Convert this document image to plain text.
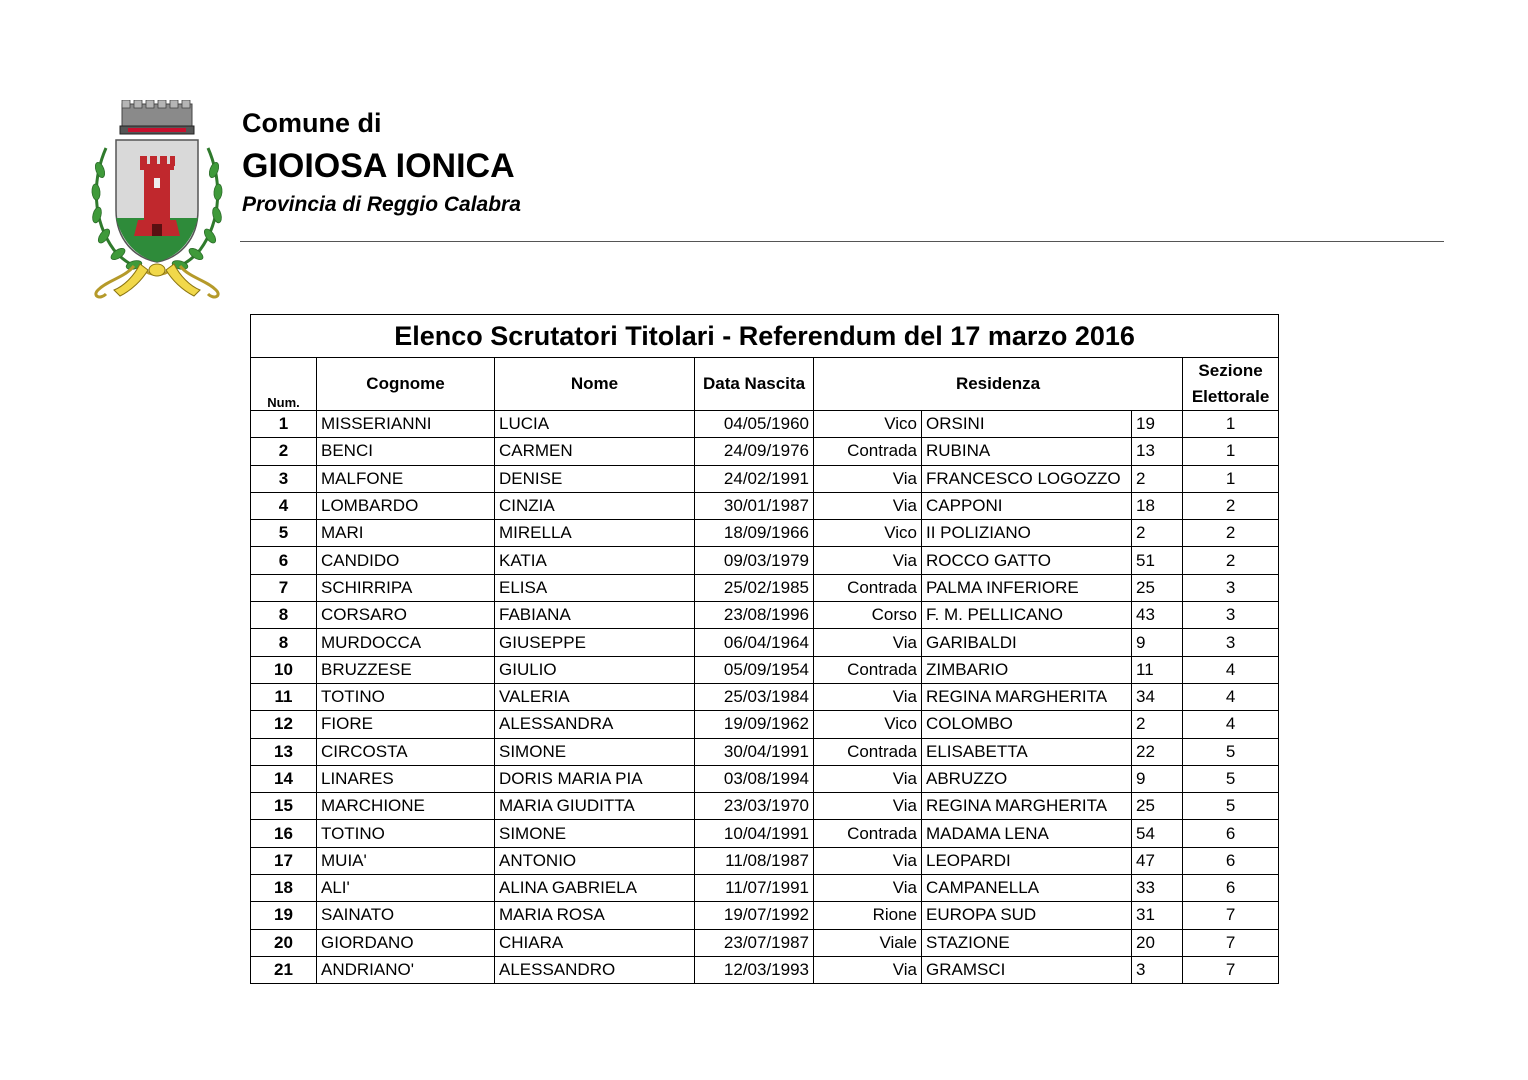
Comune di
GIOIOSA IONICA
Provincia di Reggio Calabra
Elenco Scrutatori Titolari - Referendum del 17 marzo 2016							
Num.	Cognome	Nome	Data Nascita	Residenza			Sezione
Elettorale
1	MISSERIANNI	LUCIA	04/05/1960	Vico	ORSINI	19	1
2	BENCI	CARMEN	24/09/1976	Contrada	RUBINA	13	1
3	MALFONE	DENISE	24/02/1991	Via	FRANCESCO LOGOZZO	2	1
4	LOMBARDO	CINZIA	30/01/1987	Via	CAPPONI	18	2
5	MARI	MIRELLA	18/09/1966	Vico	II POLIZIANO	2	2
6	CANDIDO	KATIA	09/03/1979	Via	ROCCO GATTO	51	2
7	SCHIRRIPA	ELISA	25/02/1985	Contrada	PALMA INFERIORE	25	3
8	CORSARO	FABIANA	23/08/1996	Corso	F. M. PELLICANO	43	3
8	MURDOCCA	GIUSEPPE	06/04/1964	Via	GARIBALDI	9	3
10	BRUZZESE	GIULIO	05/09/1954	Contrada	ZIMBARIO	11	4
11	TOTINO	VALERIA	25/03/1984	Via	REGINA MARGHERITA	34	4
12	FIORE	ALESSANDRA	19/09/1962	Vico	COLOMBO	2	4
13	CIRCOSTA	SIMONE	30/04/1991	Contrada	ELISABETTA	22	5
14	LINARES	DORIS MARIA PIA	03/08/1994	Via	ABRUZZO	9	5
15	MARCHIONE	MARIA GIUDITTA	23/03/1970	Via	REGINA MARGHERITA	25	5
16	TOTINO	SIMONE	10/04/1991	Contrada	MADAMA LENA	54	6
17	MUIA'	ANTONIO	11/08/1987	Via	LEOPARDI	47	6
18	ALI'	ALINA GABRIELA	11/07/1991	Via	CAMPANELLA	33	6
19	SAINATO	MARIA ROSA	19/07/1992	Rione	EUROPA SUD	31	7
20	GIORDANO	CHIARA	23/07/1987	Viale	STAZIONE	20	7
21	ANDRIANO'	ALESSANDRO	12/03/1993	Via	GRAMSCI	3	7
